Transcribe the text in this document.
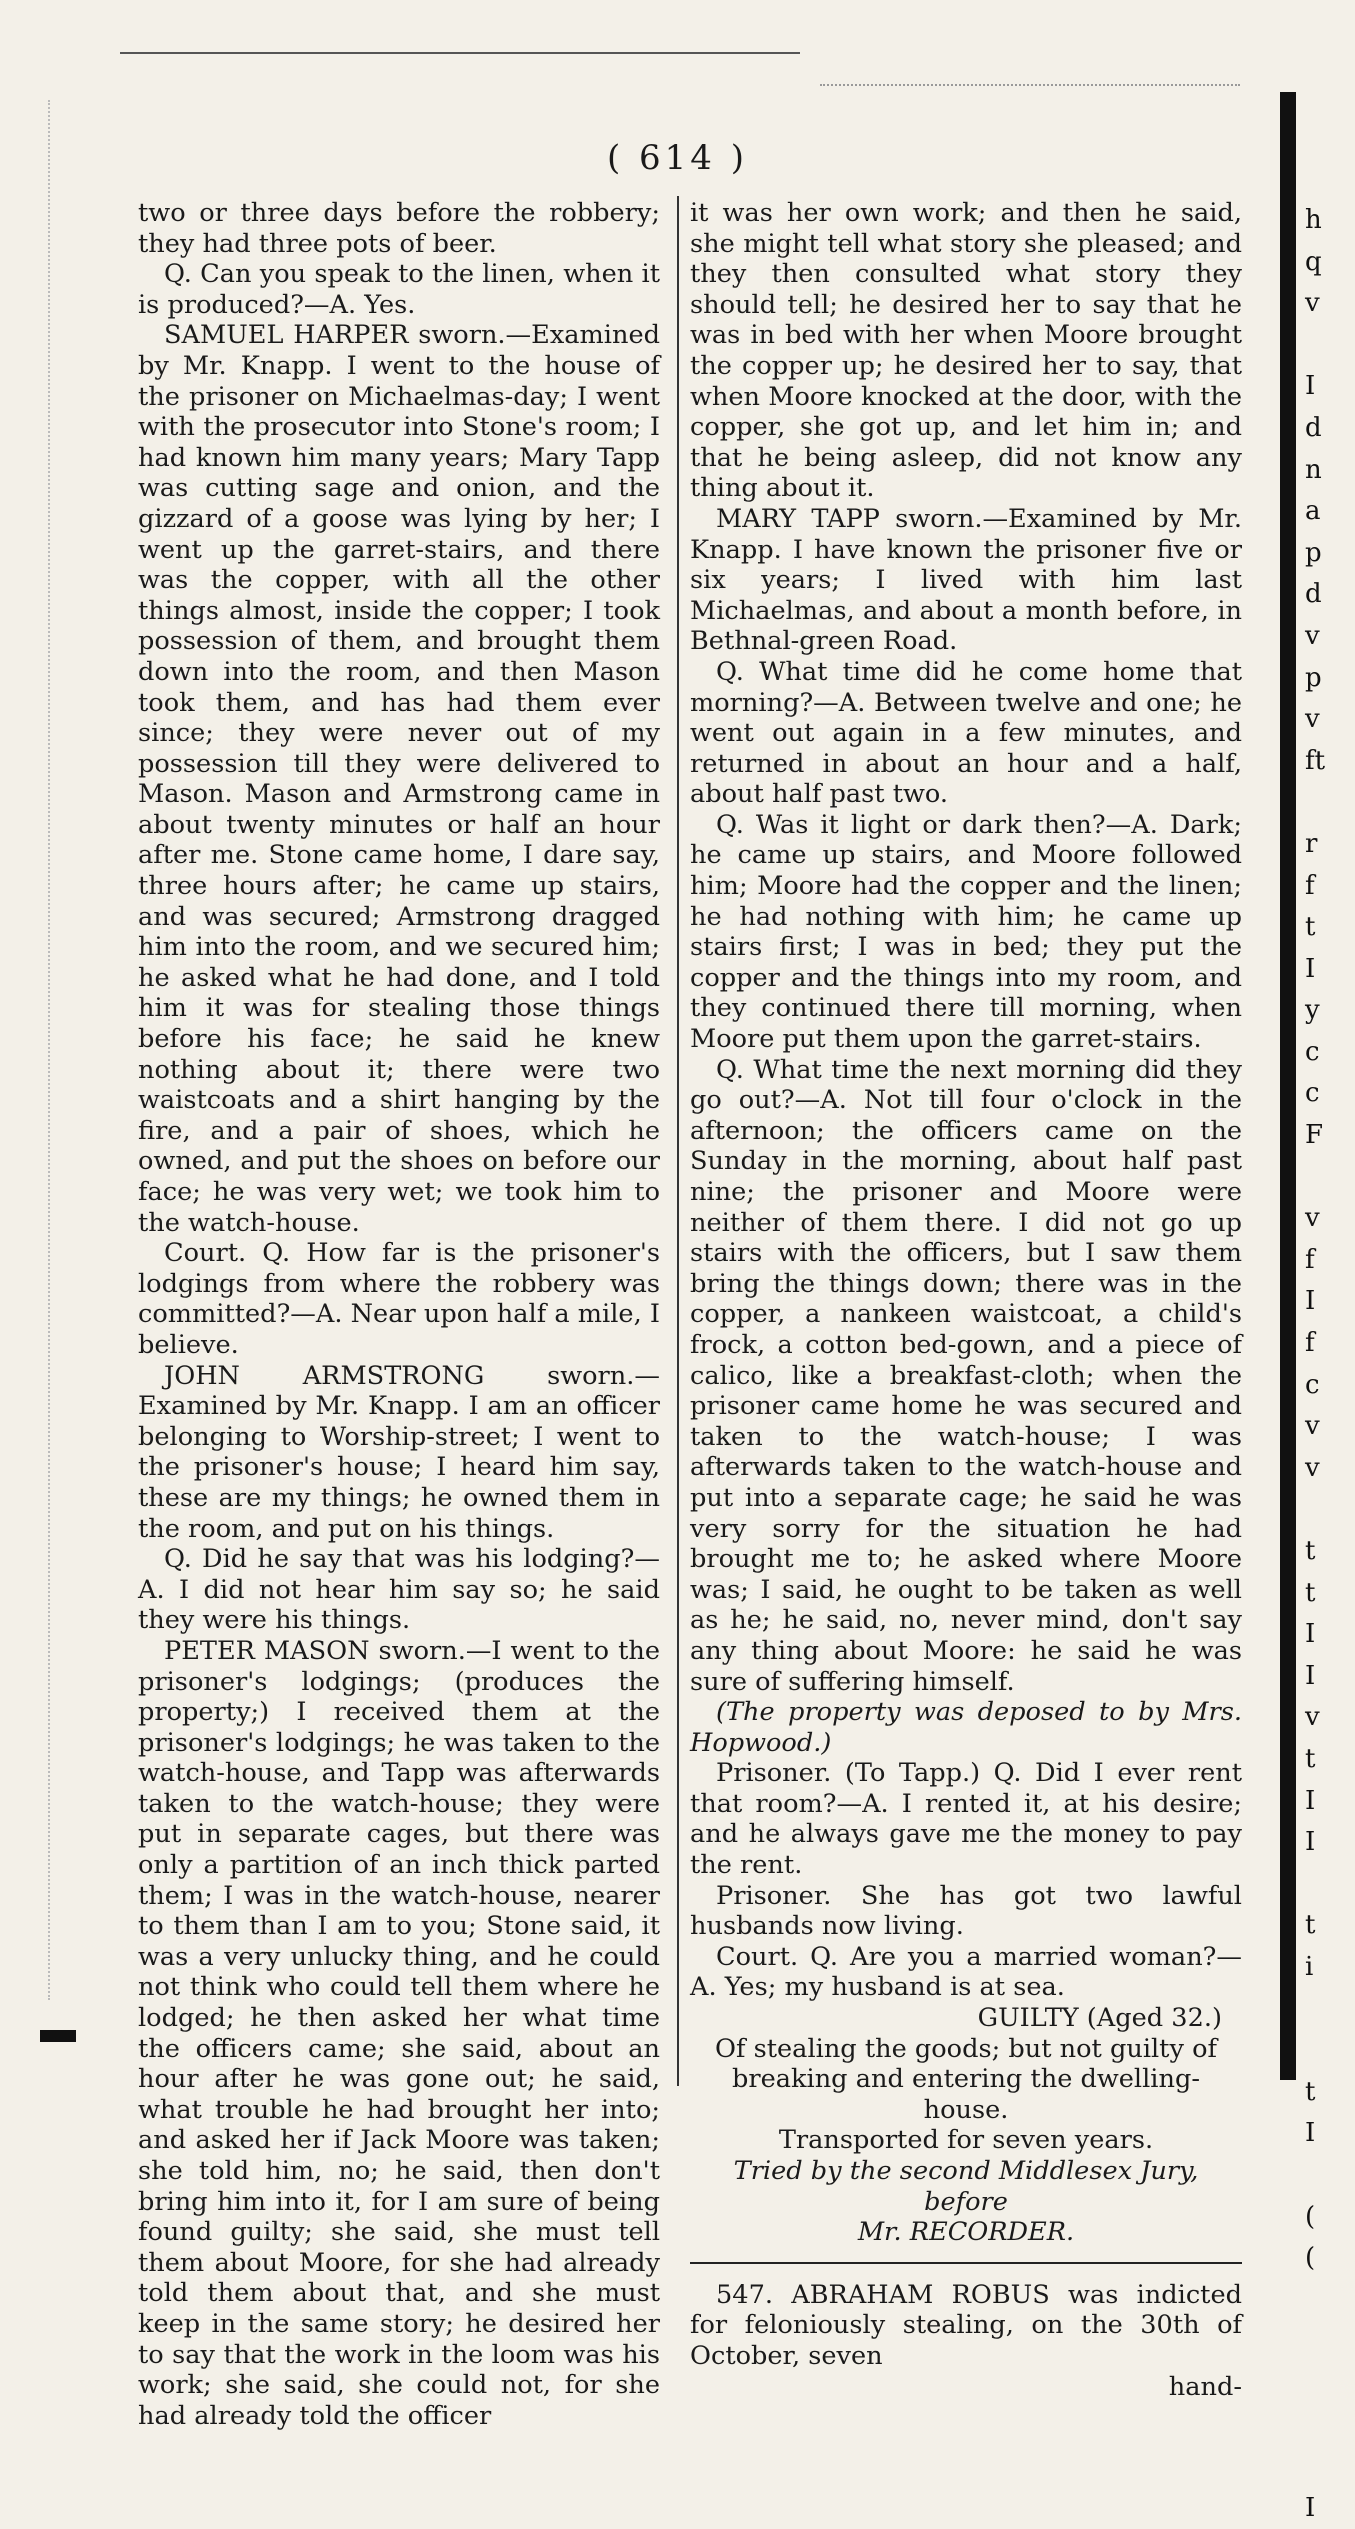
( 614 )

two or three days before the robbery; they had three pots of beer.

Q. Can you speak to the linen, when it is produced?—A. Yes.

SAMUEL HARPER sworn.—Examined by Mr. Knapp. I went to the house of the prisoner on Michaelmas-day; I went with the prosecutor into Stone's room; I had known him many years; Mary Tapp was cutting sage and onion, and the gizzard of a goose was lying by her; I went up the garret-stairs, and there was the copper, with all the other things almost, inside the copper; I took possession of them, and brought them down into the room, and then Mason took them, and has had them ever since; they were never out of my possession till they were delivered to Mason. Mason and Armstrong came in about twenty minutes or half an hour after me. Stone came home, I dare say, three hours after; he came up stairs, and was secured; Armstrong dragged him into the room, and we secured him; he asked what he had done, and I told him it was for stealing those things before his face; he said he knew nothing about it; there were two waistcoats and a shirt hanging by the fire, and a pair of shoes, which he owned, and put the shoes on before our face; he was very wet; we took him to the watch-house.

Court. Q. How far is the prisoner's lodgings from where the robbery was committed?—A. Near upon half a mile, I believe.

JOHN ARMSTRONG sworn.—Examined by Mr. Knapp. I am an officer belonging to Worship-street; I went to the prisoner's house; I heard him say, these are my things; he owned them in the room, and put on his things.

Q. Did he say that was his lodging?—A. I did not hear him say so; he said they were his things.

PETER MASON sworn.—I went to the prisoner's lodgings; (produces the property;) I received them at the prisoner's lodgings; he was taken to the watch-house, and Tapp was afterwards taken to the watch-house; they were put in separate cages, but there was only a partition of an inch thick parted them; I was in the watch-house, nearer to them than I am to you; Stone said, it was a very unlucky thing, and he could not think who could tell them where he lodged; he then asked her what time the officers came; she said, about an hour after he was gone out; he said, what trouble he had brought her into; and asked her if Jack Moore was taken; she told him, no; he said, then don't bring him into it, for I am sure of being found guilty; she said, she must tell them about Moore, for she had already told them about that, and she must keep in the same story; he desired her to say that the work in the loom was his work; she said, she could not, for she had already told the officer

it was her own work; and then he said, she might tell what story she pleased; and they then consulted what story they should tell; he desired her to say that he was in bed with her when Moore brought the copper up; he desired her to say, that when Moore knocked at the door, with the copper, she got up, and let him in; and that he being asleep, did not know any thing about it.

MARY TAPP sworn.—Examined by Mr. Knapp. I have known the prisoner five or six years; I lived with him last Michaelmas, and about a month before, in Bethnal-green Road.

Q. What time did he come home that morning?—A. Between twelve and one; he went out again in a few minutes, and returned in about an hour and a half, about half past two.

Q. Was it light or dark then?—A. Dark; he came up stairs, and Moore followed him; Moore had the copper and the linen; he had nothing with him; he came up stairs first; I was in bed; they put the copper and the things into my room, and they continued there till morning, when Moore put them upon the garret-stairs.

Q. What time the next morning did they go out?—A. Not till four o'clock in the afternoon; the officers came on the Sunday in the morning, about half past nine; the prisoner and Moore were neither of them there. I did not go up stairs with the officers, but I saw them bring the things down; there was in the copper, a nankeen waistcoat, a child's frock, a cotton bed-gown, and a piece of calico, like a breakfast-cloth; when the prisoner came home he was secured and taken to the watch-house; I was afterwards taken to the watch-house and put into a separate cage; he said he was very sorry for the situation he had brought me to; he asked where Moore was; I said, he ought to be taken as well as he; he said, no, never mind, don't say any thing about Moore: he said he was sure of suffering himself.

(The property was deposed to by Mrs. Hopwood.)

Prisoner. (To Tapp.) Q. Did I ever rent that room?—A. I rented it, at his desire; and he always gave me the money to pay the rent.

Prisoner. She has got two lawful husbands now living.

Court. Q. Are you a married woman?—A. Yes; my husband is at sea.

GUILTY (Aged 32.)

Of stealing the goods; but not guilty of breaking and entering the dwelling-house.

Transported for seven years.

Tried by the second Middlesex Jury, before

Mr. RECORDER.

547. ABRAHAM ROBUS was indicted for feloniously stealing, on the 30th of October, seven

hand-

h
q
v

I
d
n
a
p
d
v
p
v
ft

r
f
t
I
y
c
c
F

v
f
I
f
c
v
v

t
t
I
I
v
t
I
I

t
i

t
I

(
(

I
